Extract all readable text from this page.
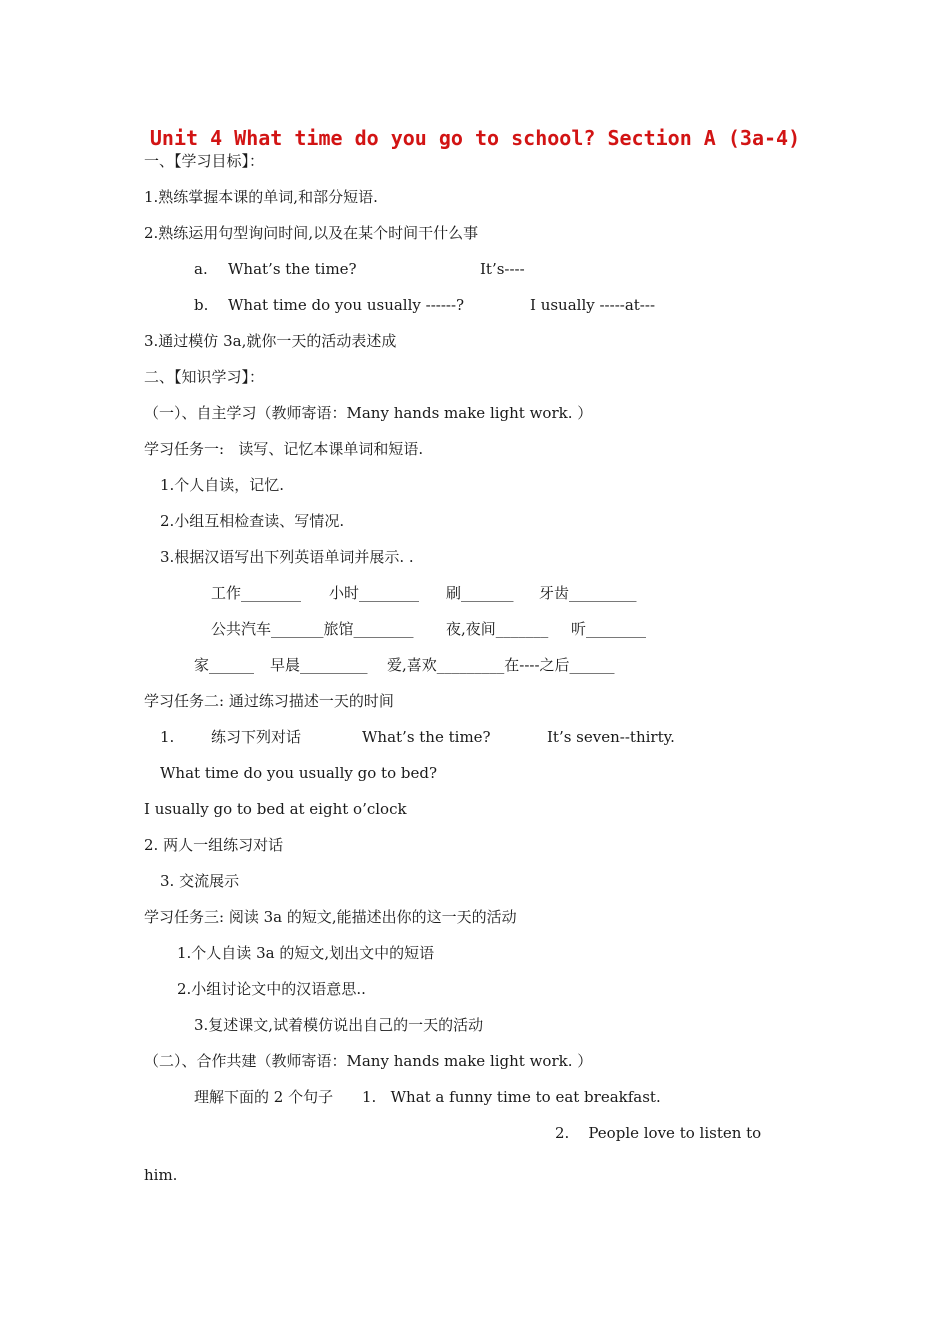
Unit 4 What time do you go to school? Section A (3a-4)
一、【学习目标】：
1.熟练掌握本课的单词,和部分短语.
2.熟练运用句型询问时间,以及在某个时间干什么事
a. What’s the time?	It’s----
b. What time do you usually ------?	I usually -----at---
3.通过模仿 3a,就你一天的活动表述成
二、【知识学习】：
（一）、自主学习（教师寄语：Many hands make light work. ）
学习任务一:   读写、记忆本课单词和短语.
1.个人自读，记忆.
2.小组互相检查读、写情况.
3.根据汉语写出下列英语单词并展示. .
工作________ 小时________ 刷_______ 牙齿_________
公共汽车_______旅馆________ 夜,夜间_______ 听________
家______ 早晨_________ 爱,喜欢_________在----之后______
学习任务二: 通过练习描述一天的时间
1. 练习下列对话	What’s the time?	It’s seven--thirty.
What time do you usually go to bed?
I usually go to bed at eight o’clock
2. 两人一组练习对话
3. 交流展示
学习任务三: 阅读 3a 的短文,能描述出你的这一天的活动
1.个人自读 3a 的短文,划出文中的短语
2.小组讨论文中的汉语意思..
3.复述课文,试着模仿说出自己的一天的活动
（二）、合作共建（教师寄语：Many hands make light work. ）
理解下面的 2 个句子 1.   What a funny time to eat breakfast.
2.    People love to listen to
him.
